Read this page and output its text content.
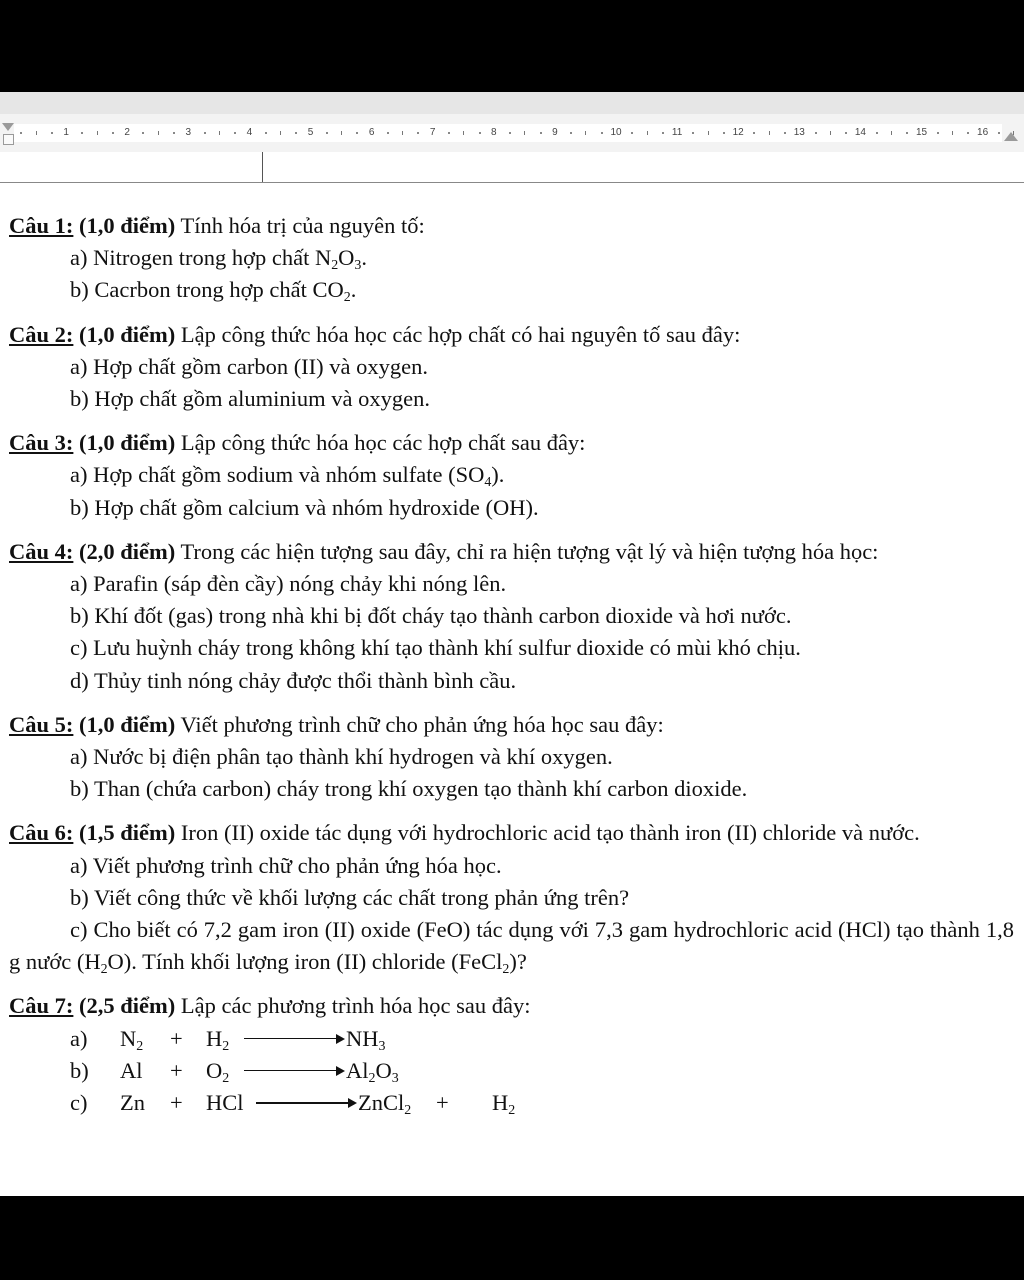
1	2	3	4	5	6	7	8	9	10	11	12	13	14	15	16
Câu 1: (1,0 điểm) Tính hóa trị của nguyên tố:
a) Nitrogen trong hợp chất $N_2O_3$.
b) Cacrbon trong hợp chất $CO_2$.
Câu 2: (1,0 điểm) Lập công thức hóa học các hợp chất có hai nguyên tố sau đây:
a) Hợp chất gồm carbon (II) và oxygen.
b) Hợp chất gồm aluminium và oxygen.
Câu 3: (1,0 điểm) Lập công thức hóa học các hợp chất sau đây:
a) Hợp chất gồm sodium và nhóm sulfate $(SO_4)$.
b) Hợp chất gồm calcium và nhóm hydroxide (OH).
Câu 4: (2,0 điểm) Trong các hiện tượng sau đây, chỉ ra hiện tượng vật lý và hiện tượng hóa học:
a) Parafin (sáp đèn cầy) nóng chảy khi nóng lên.
b) Khí đốt (gas) trong nhà khi bị đốt cháy tạo thành carbon dioxide và hơi nước.
c) Lưu huỳnh cháy trong không khí tạo thành khí sulfur dioxide có mùi khó chịu.
d) Thủy tinh nóng chảy được thổi thành bình cầu.
Câu 5: (1,0 điểm) Viết phương trình chữ cho phản ứng hóa học sau đây:
a) Nước bị điện phân tạo thành khí hydrogen và khí oxygen.
b) Than (chứa carbon) cháy trong khí oxygen tạo thành khí carbon dioxide.
Câu 6: (1,5 điểm) Iron (II) oxide tác dụng với hydrochloric acid tạo thành iron (II) chloride và nước.
a) Viết phương trình chữ cho phản ứng hóa học.
b) Viết công thức về khối lượng các chất trong phản ứng trên?
c) Cho biết có 7,2 gam iron (II) oxide (FeO) tác dụng với 7,3 gam hydrochloric acid (HCl) tạo thành 1,8 g nước $(H_2O)$. Tính khối lượng iron (II) chloride (FeCl$_2$)?
Câu 7: (2,5 điểm) Lập các phương trình hóa học sau đây:
a)	$N_2$	+	$H_2$	$NH_3$
b)	Al	+	$O_2$	$Al_2O_3$
c)	Zn	+	HCl	ZnCl$_2$	+	$H_2$
